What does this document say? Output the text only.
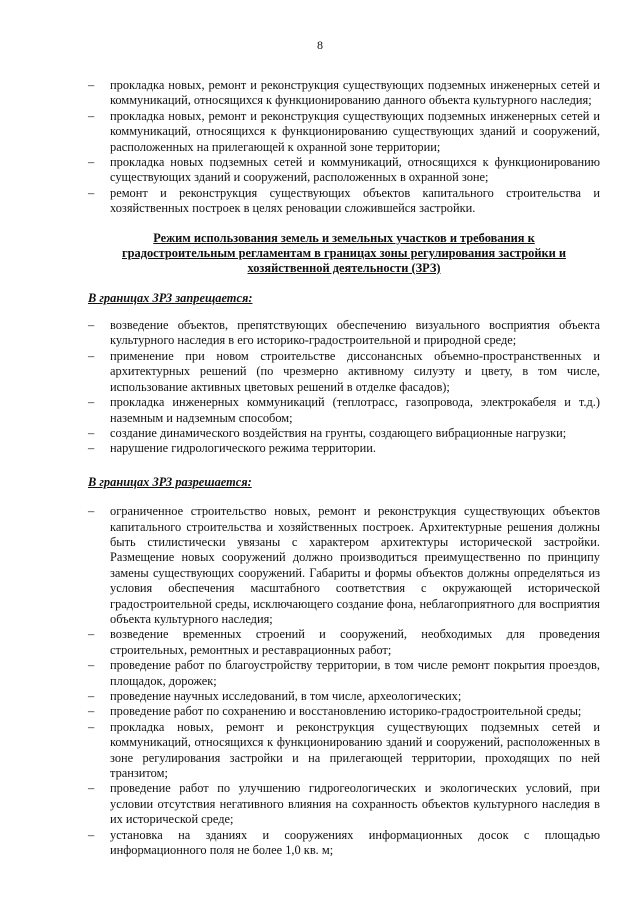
8
– прокладка новых, ремонт и реконструкция существующих подземных инженерных сетей и коммуникаций, относящихся к функционированию данного объекта культурного наследия;
– прокладка новых, ремонт и реконструкция существующих подземных инженерных сетей и коммуникаций, относящихся к функционированию существующих зданий и сооружений, расположенных на прилегающей к охранной зоне территории;
– прокладка новых подземных сетей и коммуникаций, относящихся к функционированию существующих зданий и сооружений, расположенных в охранной зоне;
– ремонт и реконструкция существующих объектов капитального строительства и хозяйственных построек в целях реновации сложившейся застройки.
Режим использования земель и земельных участков и требования к градостроительным регламентам в границах зоны регулирования застройки и хозяйственной деятельности (ЗРЗ)
В границах ЗРЗ запрещается:
– возведение объектов, препятствующих обеспечению визуального восприятия объекта культурного наследия в его историко-градостроительной и природной среде;
– применение при новом строительстве диссонансных объемно-пространственных и архитектурных решений (по чрезмерно активному силуэту и цвету, в том числе, использование активных цветовых решений в отделке фасадов);
– прокладка инженерных коммуникаций (теплотрасс, газопровода, электрокабеля и т.д.) наземным и надземным способом;
– создание динамического воздействия на грунты, создающего вибрационные нагрузки;
– нарушение гидрологического режима территории.
В границах ЗРЗ разрешается:
– ограниченное строительство новых, ремонт и реконструкция существующих объектов капитального строительства и хозяйственных построек. Архитектурные решения должны быть стилистически увязаны с характером архитектуры исторической застройки. Размещение новых сооружений должно производиться преимущественно по принципу замены существующих сооружений. Габариты и формы объектов должны определяться из условия обеспечения масштабного соответствия с окружающей исторической градостроительной среды, исключающего создание фона, неблагоприятного для восприятия объекта культурного наследия;
– возведение временных строений и сооружений, необходимых для проведения строительных, ремонтных и реставрационных работ;
– проведение работ по благоустройству территории, в том числе ремонт покрытия проездов, площадок, дорожек;
– проведение научных исследований, в том числе, археологических;
– проведение работ по сохранению и восстановлению историко-градостроительной среды;
– прокладка новых, ремонт и реконструкция существующих подземных сетей и коммуникаций, относящихся к функционированию зданий и сооружений, расположенных в зоне регулирования застройки и на прилегающей территории, проходящих по ней транзитом;
– проведение работ по улучшению гидрогеологических и экологических условий, при условии отсутствия негативного влияния на сохранность объектов культурного наследия в их исторической среде;
– установка на зданиях и сооружениях информационных досок с площадью информационного поля не более 1,0 кв. м;
